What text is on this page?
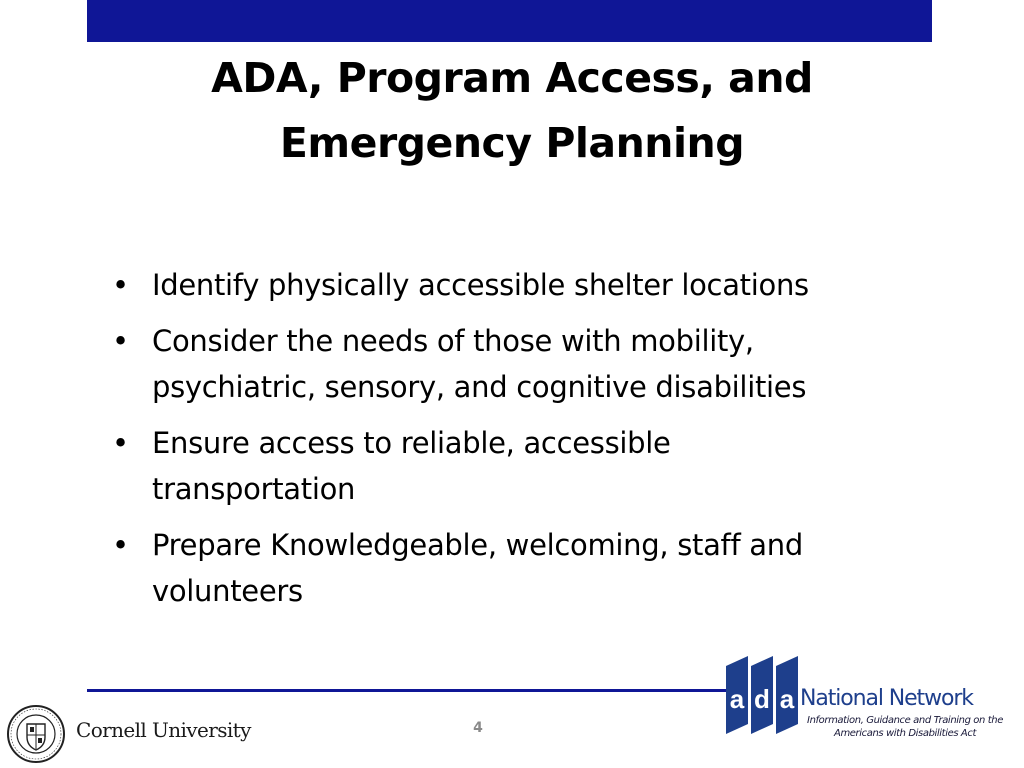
ADA, Program Access, and
Emergency Planning
• Identify physically accessible shelter locations
• Consider the needs of those with mobility,
psychiatric, sensory, and cognitive disabilities
• Ensure access to reliable, accessible
transportation
• Prepare Knowledgeable, welcoming, staff and
volunteers
4
Cornell University
a d a National Network
Information, Guidance and Training on the
Americans with Disabilities Act
